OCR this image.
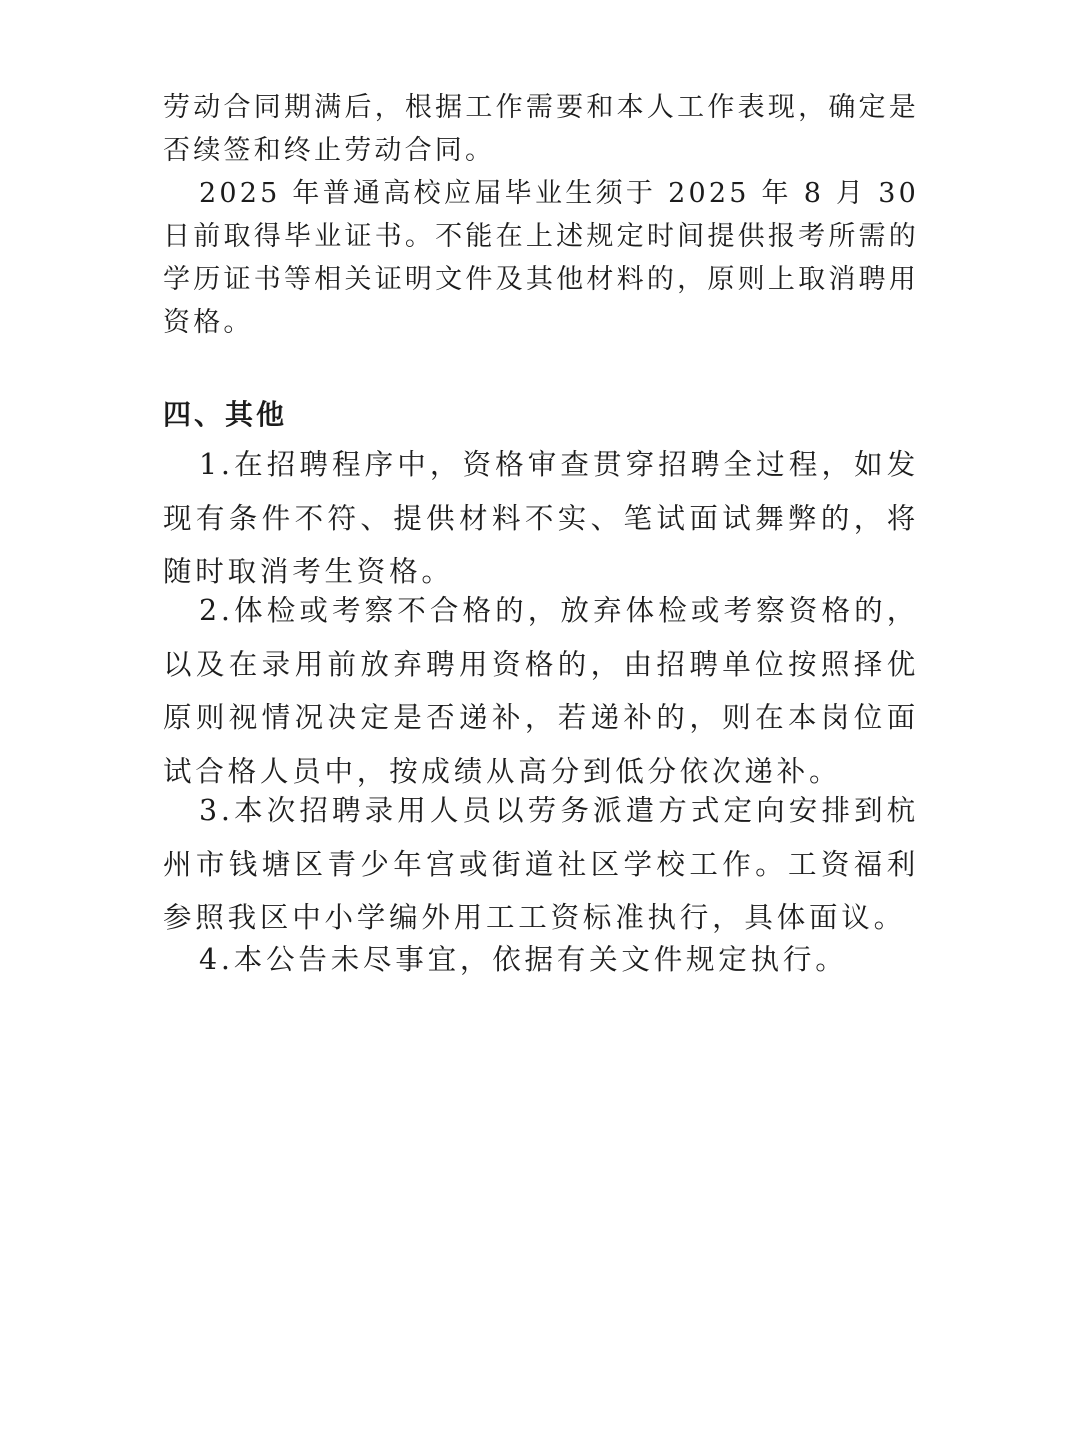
劳动合同期满后，根据工作需要和本人工作表现，确定是否续签和终止劳动合同。

2025 年普通高校应届毕业生须于 2025 年 8 月 30 日前取得毕业证书。不能在上述规定时间提供报考所需的学历证书等相关证明文件及其他材料的，原则上取消聘用资格。

四、其他

1.在招聘程序中，资格审查贯穿招聘全过程，如发现有条件不符、提供材料不实、笔试面试舞弊的，将随时取消考生资格。

2.体检或考察不合格的，放弃体检或考察资格的，以及在录用前放弃聘用资格的，由招聘单位按照择优原则视情况决定是否递补，若递补的，则在本岗位面试合格人员中，按成绩从高分到低分依次递补。

3.本次招聘录用人员以劳务派遣方式定向安排到杭州市钱塘区青少年宫或街道社区学校工作。工资福利参照我区中小学编外用工工资标准执行，具体面议。

4.本公告未尽事宜，依据有关文件规定执行。
